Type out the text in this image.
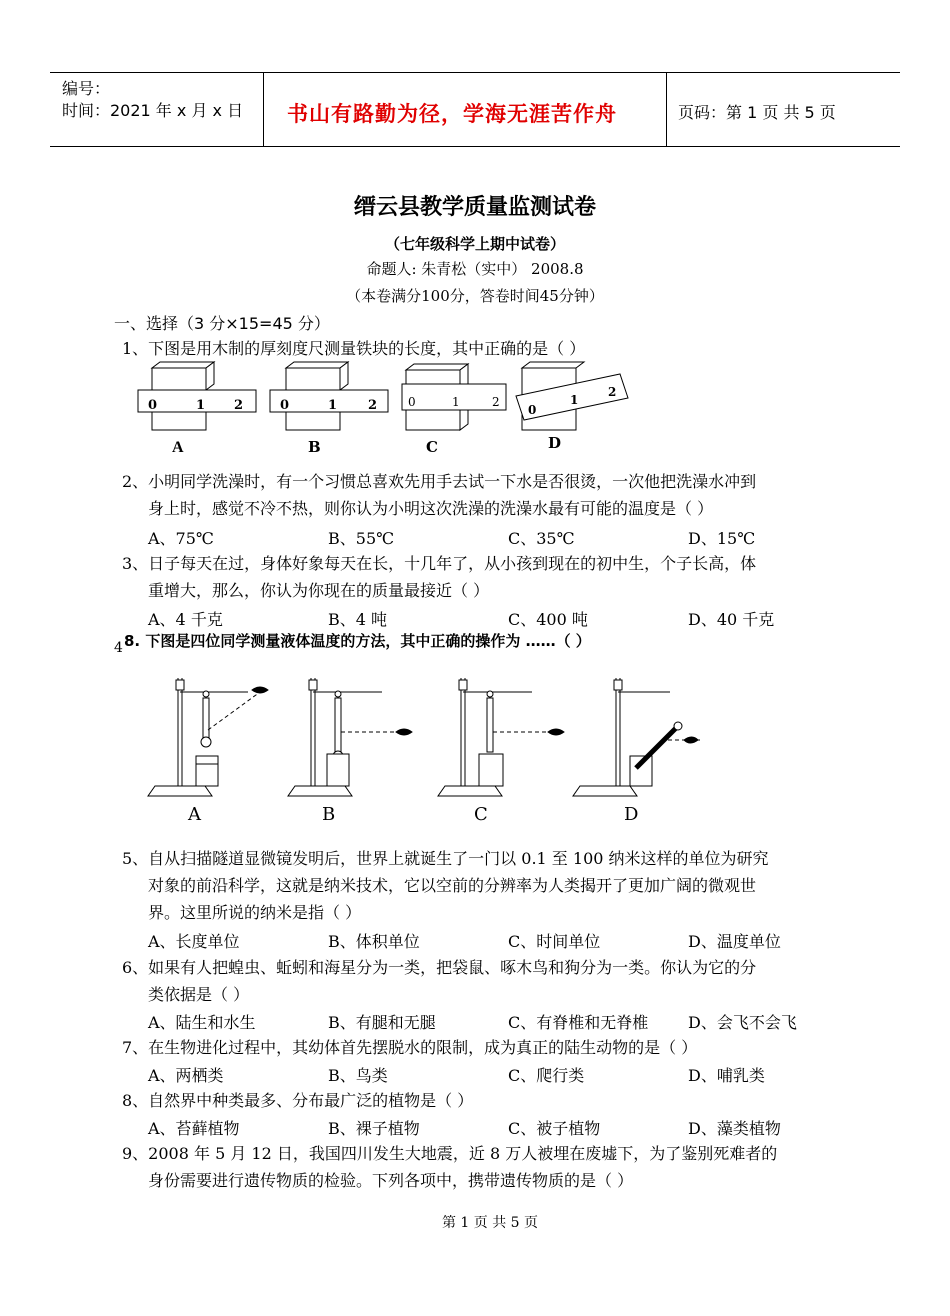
编号：
时间：2021 年 x 月 x 日 书山有路勤为径，学海无涯苦作舟	页码：第 1 页 共 5 页
缙云县教学质量监测试卷
（七年级科学上期中试卷）
命题人: 朱青松（实中） 2008.8
（本卷满分100分，答卷时间45分钟）
一、选择（3 分×15=45 分）
1、下图是用木制的厚刻度尺测量铁块的长度，其中正确的是（ ）
0	1 2
A
0	1 2
B
0	1	2
C
0
1
2
D
2、小明同学洗澡时，有一个习惯总喜欢先用手去试一下水是否很烫，一次他把洗澡水冲到
身上时，感觉不冷不热，则你认为小明这次洗澡的洗澡水最有可能的温度是（ ）
A、75℃	B、55℃	C、35℃	D、15℃
3、日子每天在过，身体好象每天在长，十几年了，从小孩到现在的初中生，个子长高，体
重增大，那么，你认为你现在的质量最接近（ ）
A、4 千克	B、4 吨	C、400 吨	D、40 千克
4 8. 下图是四位同学测量液体温度的方法，其中正确的操作为 ……（ ）
A	B	C	D
5、自从扫描隧道显微镜发明后，世界上就诞生了一门以 0.1 至 100 纳米这样的单位为研究
对象的前沿科学，这就是纳米技术，它以空前的分辨率为人类揭开了更加广阔的微观世
界。这里所说的纳米是指（ ）
A、长度单位	B、体积单位	C、时间单位	D、温度单位
6、如果有人把蝗虫、蚯蚓和海星分为一类，把袋鼠、啄木鸟和狗分为一类。你认为它的分
类依据是（ ）
A、陆生和水生	B、有腿和无腿	C、有脊椎和无脊椎 D、会飞不会飞
7、在生物进化过程中，其幼体首先摆脱水的限制，成为真正的陆生动物的是（ ）
A、两栖类	B、鸟类	C、爬行类	D、哺乳类
8、自然界中种类最多、分布最广泛的植物是（ ）
A、苔藓植物	B、裸子植物	C、被子植物	D、藻类植物
9、2008 年 5 月 12 日，我国四川发生大地震，近 8 万人被埋在废墟下，为了鉴别死难者的
身份需要进行遗传物质的检验。下列各项中，携带遗传物质的是（ ）
第 1 页 共 5 页
